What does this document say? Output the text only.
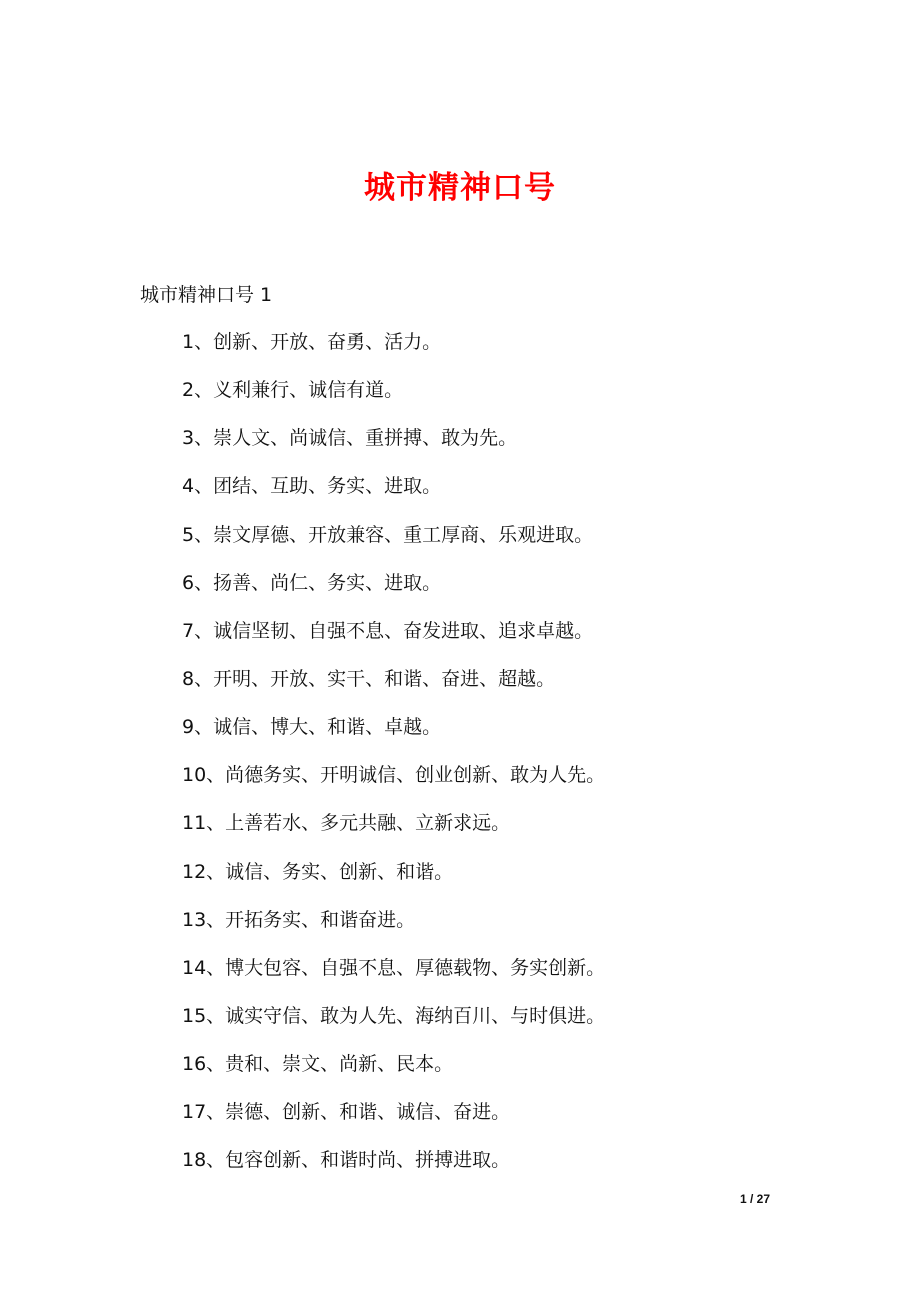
城市精神口号
城市精神口号 1
1、创新、开放、奋勇、活力。
2、义利兼行、诚信有道。
3、崇人文、尚诚信、重拼搏、敢为先。
4、团结、互助、务实、进取。
5、崇文厚德、开放兼容、重工厚商、乐观进取。
6、扬善、尚仁、务实、进取。
7、诚信坚韧、自强不息、奋发进取、追求卓越。
8、开明、开放、实干、和谐、奋进、超越。
9、诚信、博大、和谐、卓越。
10、尚德务实、开明诚信、创业创新、敢为人先。
11、上善若水、多元共融、立新求远。
12、诚信、务实、创新、和谐。
13、开拓务实、和谐奋进。
14、博大包容、自强不息、厚德载物、务实创新。
15、诚实守信、敢为人先、海纳百川、与时俱进。
16、贵和、崇文、尚新、民本。
17、崇德、创新、和谐、诚信、奋进。
18、包容创新、和谐时尚、拼搏进取。
1 / 27
